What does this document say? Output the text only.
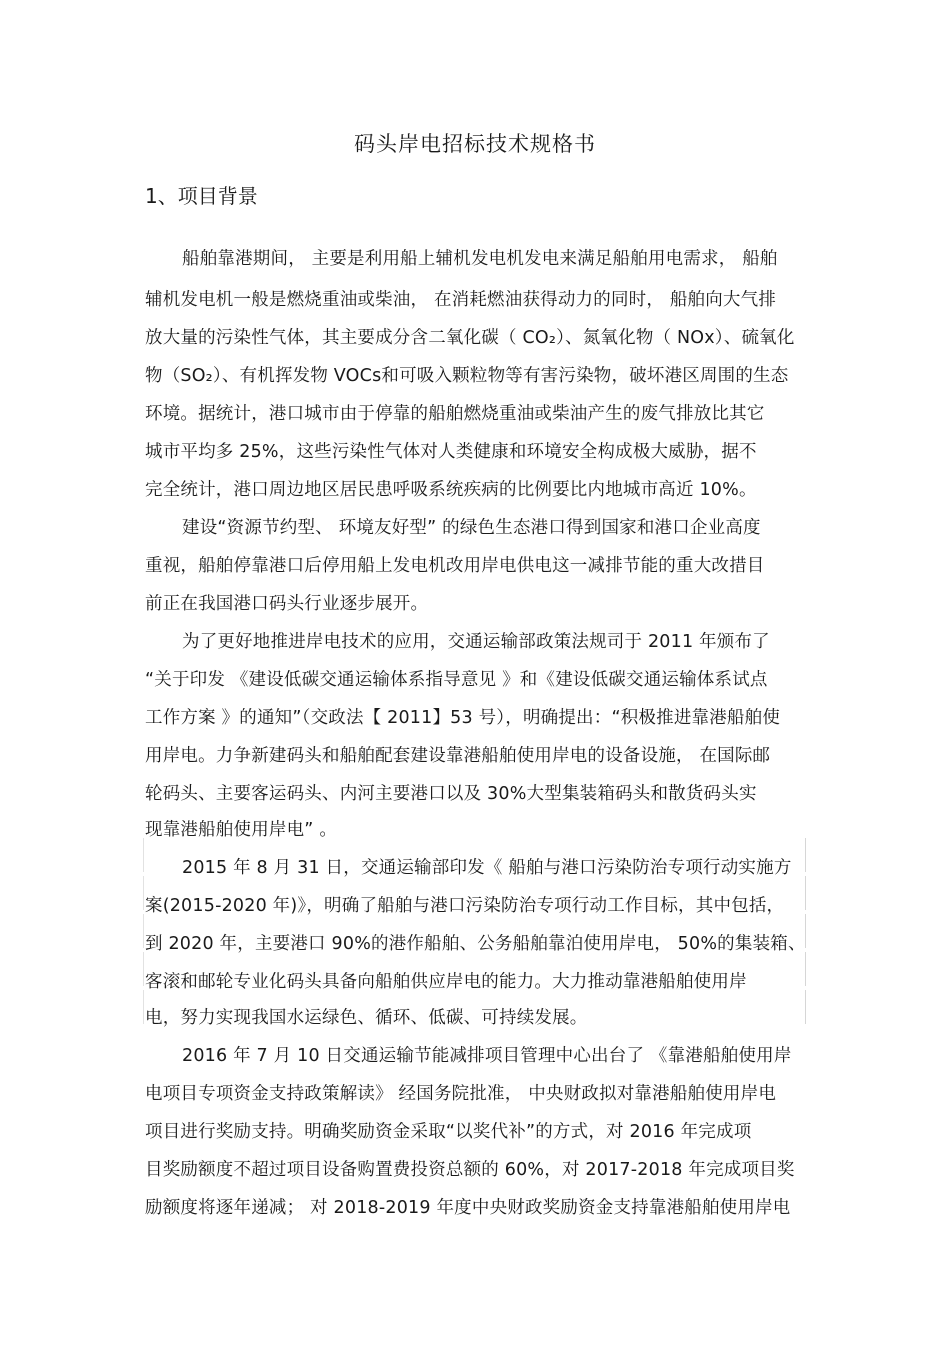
码头岸电招标技术规格书
1、项目背景
船舶靠港期间， 主要是利用船上辅机发电机发电来满足船舶用电需求， 船舶
辅机发电机一般是燃烧重油或柴油， 在消耗燃油获得动力的同时， 船舶向大气排
放大量的污染性气体，其主要成分含二氧化碳（ CO₂）、氮氧化物（ NOx）、硫氧化
物（SO₂）、有机挥发物 VOCs和可吸入颗粒物等有害污染物，破坏港区周围的生态
环境。据统计，港口城市由于停靠的船舶燃烧重油或柴油产生的废气排放比其它
城市平均多 25%，这些污染性气体对人类健康和环境安全构成极大威胁，据不
完全统计，港口周边地区居民患呼吸系统疾病的比例要比内地城市高近 10%。
建设“资源节约型、 环境友好型” 的绿色生态港口得到国家和港口企业高度
重视，船舶停靠港口后停用船上发电机改用岸电供电这一减排节能的重大改措目
前正在我国港口码头行业逐步展开。
为了更好地推进岸电技术的应用，交通运输部政策法规司于 2011 年颁布了
“关于印发 《建设低碳交通运输体系指导意见 》和《建设低碳交通运输体系试点
工作方案 》的通知”（交政法【 2011】53 号），明确提出：“积极推进靠港船舶使
用岸电。力争新建码头和船舶配套建设靠港船舶使用岸电的设备设施， 在国际邮
轮码头、主要客运码头、内河主要港口以及 30%大型集装箱码头和散货码头实
现靠港船舶使用岸电” 。
2015 年 8 月 31 日，交通运输部印发《 船舶与港口污染防治专项行动实施方
案(2015-2020 年)》，明确了船舶与港口污染防治专项行动工作目标，其中包括，
到 2020 年，主要港口 90%的港作船舶、公务船舶靠泊使用岸电， 50%的集装箱、
客滚和邮轮专业化码头具备向船舶供应岸电的能力。大力推动靠港船舶使用岸
电，努力实现我国水运绿色、循环、低碳、可持续发展。
2016 年 7 月 10 日交通运输节能减排项目管理中心出台了 《靠港船舶使用岸
电项目专项资金支持政策解读》 经国务院批准， 中央财政拟对靠港船舶使用岸电
项目进行奖励支持。明确奖励资金采取“以奖代补”的方式，对 2016 年完成项
目奖励额度不超过项目设备购置费投资总额的 60%，对 2017-2018 年完成项目奖
励额度将逐年递减； 对 2018-2019 年度中央财政奖励资金支持靠港船舶使用岸电
